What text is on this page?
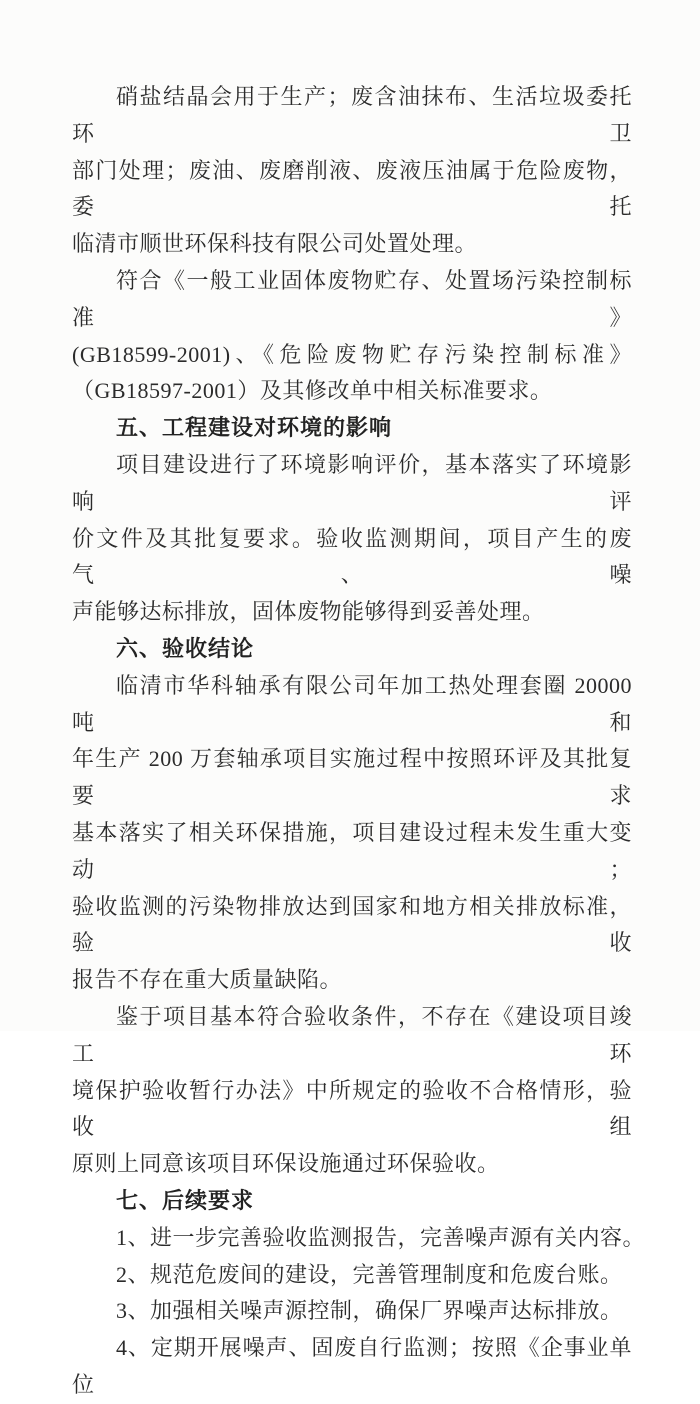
硝盐结晶会用于生产；废含油抹布、生活垃圾委托环卫
部门处理；废油、废磨削液、废液压油属于危险废物，委托
临清市顺世环保科技有限公司处置处理。
符合《一般工业固体废物贮存、处置场污染控制标准》
(GB18599-2001)、《危险废物贮存污染控制标准》
（GB18597-2001）及其修改单中相关标准要求。
五、工程建设对环境的影响
项目建设进行了环境影响评价，基本落实了环境影响评
价文件及其批复要求。验收监测期间，项目产生的废气、噪
声能够达标排放，固体废物能够得到妥善处理。
六、验收结论
临清市华科轴承有限公司年加工热处理套圈 20000 吨和
年生产 200 万套轴承项目实施过程中按照环评及其批复要求
基本落实了相关环保措施，项目建设过程未发生重大变动；
验收监测的污染物排放达到国家和地方相关排放标准，验收
报告不存在重大质量缺陷。
鉴于项目基本符合验收条件，不存在《建设项目竣工环
境保护验收暂行办法》中所规定的验收不合格情形，验收组
原则上同意该项目环保设施通过环保验收。
七、后续要求
1、进一步完善验收监测报告，完善噪声源有关内容。
2、规范危废间的建设，完善管理制度和危废台账。
3、加强相关噪声源控制，确保厂界噪声达标排放。
4、定期开展噪声、固废自行监测；按照《企事业单位
